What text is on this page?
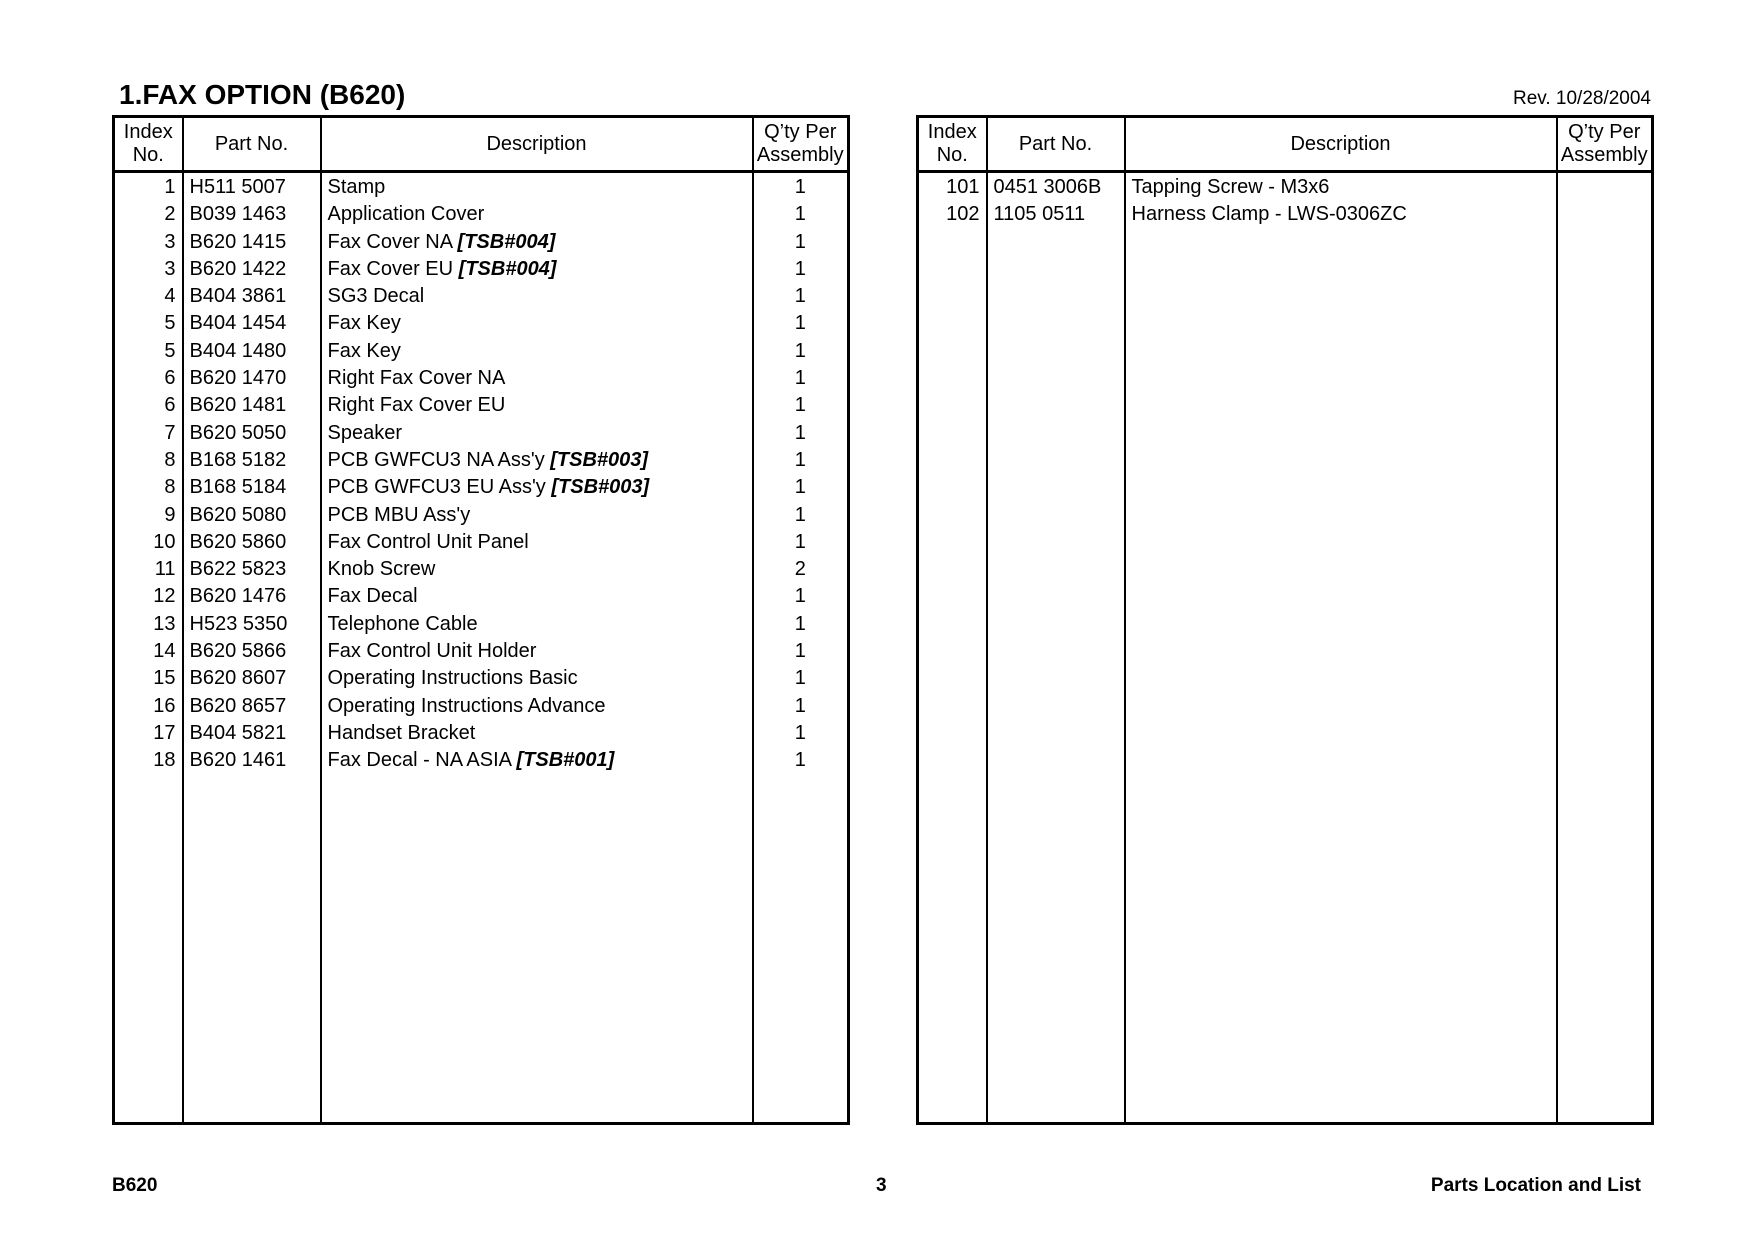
1.FAX OPTION (B620)	Rev. 10/28/2004
Index
No.	Part No.	Description	Q’ty Per
Assembly
1	H511 5007	Stamp	1
2	B039 1463	Application Cover	1
3	B620 1415	Fax Cover NA [TSB#004]	1
3	B620 1422	Fax Cover EU [TSB#004]	1
4	B404 3861	SG3 Decal	1
5	B404 1454	Fax Key	1
5	B404 1480	Fax Key	1
6	B620 1470	Right Fax Cover NA	1
6	B620 1481	Right Fax Cover EU	1
7	B620 5050	Speaker	1
8	B168 5182	PCB GWFCU3 NA Ass'y [TSB#003]	1
8	B168 5184	PCB GWFCU3 EU Ass'y [TSB#003]	1
9	B620 5080	PCB MBU Ass'y	1
10	B620 5860	Fax Control Unit Panel	1
11	B622 5823	Knob Screw	2
12	B620 1476	Fax Decal	1
13	H523 5350	Telephone Cable	1
14	B620 5866	Fax Control Unit Holder	1
15	B620 8607	Operating Instructions Basic	1
16	B620 8657	Operating Instructions Advance	1
17	B404 5821	Handset Bracket	1
18	B620 1461	Fax Decal - NA ASIA [TSB#001]	1

Index
No.	Part No.	Description	Q’ty Per
Assembly
101	0451 3006B	Tapping Screw - M3x6	
102	1105 0511	Harness Clamp - LWS-0306ZC	

B620	3	Parts Location and List
